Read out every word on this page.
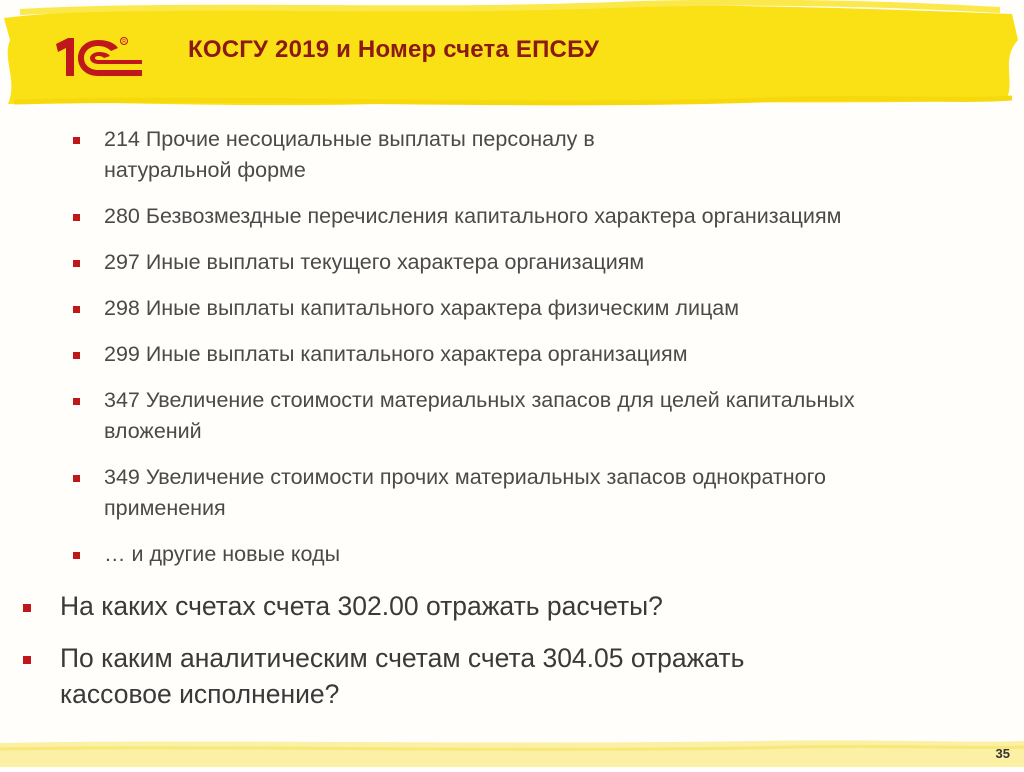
R	КОСГУ 2019 и Номер счета ЕПСБУ
214 Прочие несоциальные выплаты персоналу в
натуральной форме
280 Безвозмездные перечисления капитального характера организациям
297 Иные выплаты текущего характера организациям
298 Иные выплаты капитального характера физическим лицам
299 Иные выплаты капитального характера организациям
347 Увеличение стоимости материальных запасов для целей капитальных
вложений
349 Увеличение стоимости прочих материальных запасов однократного
применения
… и другие новые коды
На каких счетах счета 302.00 отражать расчеты?
По каким аналитическим счетам счета 304.05 отражать
кассовое исполнение?
35
